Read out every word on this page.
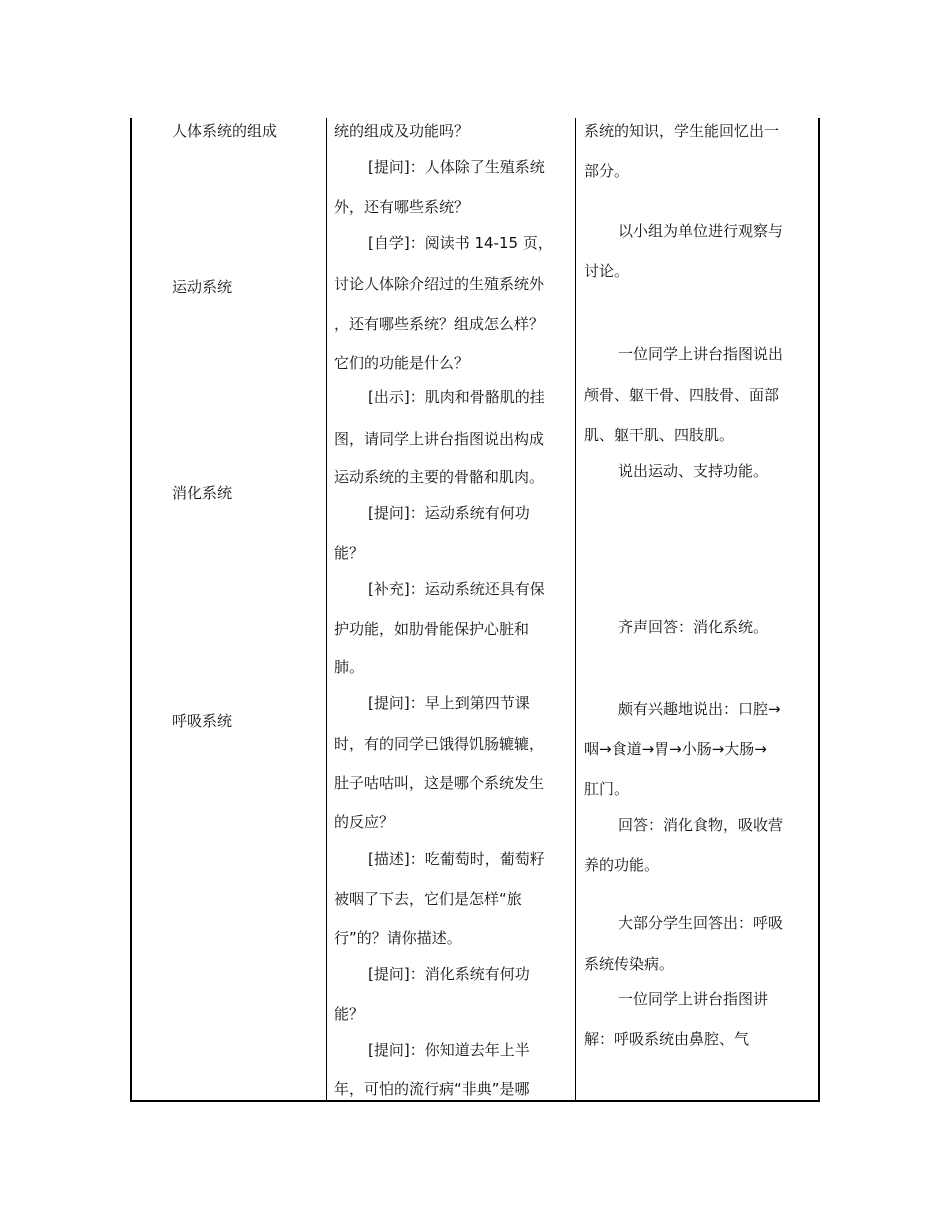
人体系统的组成
运动系统
消化系统
呼吸系统
统的组成及功能吗？
[提问]：人体除了生殖系统
外，还有哪些系统？
[自学]：阅读书 14-15 页，
讨论人体除介绍过的生殖系统外
，还有哪些系统？组成怎么样？
它们的功能是什么？
[出示]：肌肉和骨骼肌的挂
图，请同学上讲台指图说出构成
运动系统的主要的骨骼和肌肉。
[提问]：运动系统有何功
能？
[补充]：运动系统还具有保
护功能，如肋骨能保护心脏和
肺。
[提问]：早上到第四节课
时，有的同学已饿得饥肠辘辘，
肚子咕咕叫，这是哪个系统发生
的反应？
[描述]：吃葡萄时，葡萄籽
被咽了下去，它们是怎样“旅
行”的？请你描述。
[提问]：消化系统有何功
能？
[提问]：你知道去年上半
年，可怕的流行病“非典”是哪
系统的知识，学生能回忆出一
部分。
以小组为单位进行观察与
讨论。
一位同学上讲台指图说出
颅骨、躯干骨、四肢骨、面部
肌、躯干肌、四肢肌。
说出运动、支持功能。
齐声回答：消化系统。
颇有兴趣地说出：口腔→
咽→食道→胃→小肠→大肠→
肛门。
回答：消化食物，吸收营
养的功能。
大部分学生回答出：呼吸
系统传染病。
一位同学上讲台指图讲
解：呼吸系统由鼻腔、气
